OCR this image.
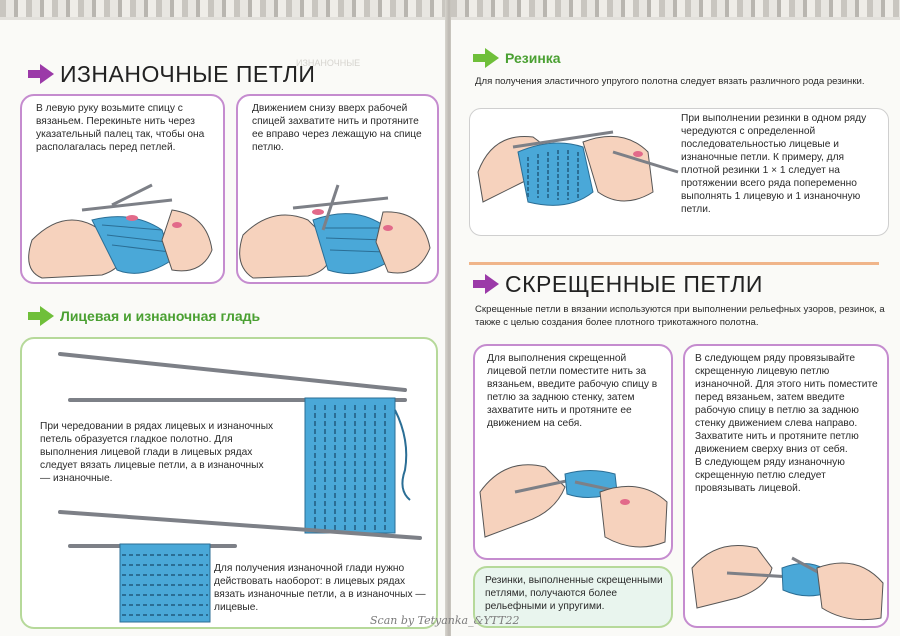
ИЗНАНОЧНЫЕ
ИЗНАНОЧНЫЕ ПЕТЛИ
В левую руку возьмите спицу с вязаньем. Перекиньте нить через указательный палец так, чтобы она располагалась перед петлей.
Движением снизу вверх рабочей спицей захватите нить и протяните ее вправо через лежащую на спице петлю.
Лицевая и изнаночная гладь
При чередовании в рядах лицевых и изнаночных петель образуется гладкое полотно. Для выполнения лицевой глади в лицевых рядах следует вязать лицевые петли, а в изнаночных — изнаночные.
Для получения изнаночной глади нужно действовать наоборот: в лицевых рядах вязать изнаночные петли, а в изнаночных — лицевые.
Резинка
Для получения эластичного упругого полотна следует вязать различного рода резинки.
При выполнении резинки в одном ряду чередуются с определенной последовательностью лицевые и изнаночные петли. К примеру, для плотной резинки 1 × 1 следует на протяжении всего ряда попеременно выполнять 1 лицевую и 1 изнаночную петли.
СКРЕЩЕННЫЕ ПЕТЛИ
Скрещенные петли в вязании используются при выполнении рельефных узоров, резинок, а также с целью создания более плотного трикотажного полотна.
Для выполнения скрещенной лицевой петли поместите нить за вязаньем, введите рабочую спицу в петлю за заднюю стенку, затем захватите нить и протяните ее движением на себя.
В следующем ряду провязывайте скрещенную лицевую петлю изнаночной. Для этого нить поместите перед вязаньем, затем введите рабочую спицу в петлю за заднюю стенку движением слева направо. Захватите нить и протяните петлю движением сверху вниз от себя.
В следующем ряду изнаночную скрещенную петлю следует провязывать лицевой.
Резинки, выполненные скрещенными петлями, получаются более рельефными и упругими.
Scan by Tetyanka_&YTT22
